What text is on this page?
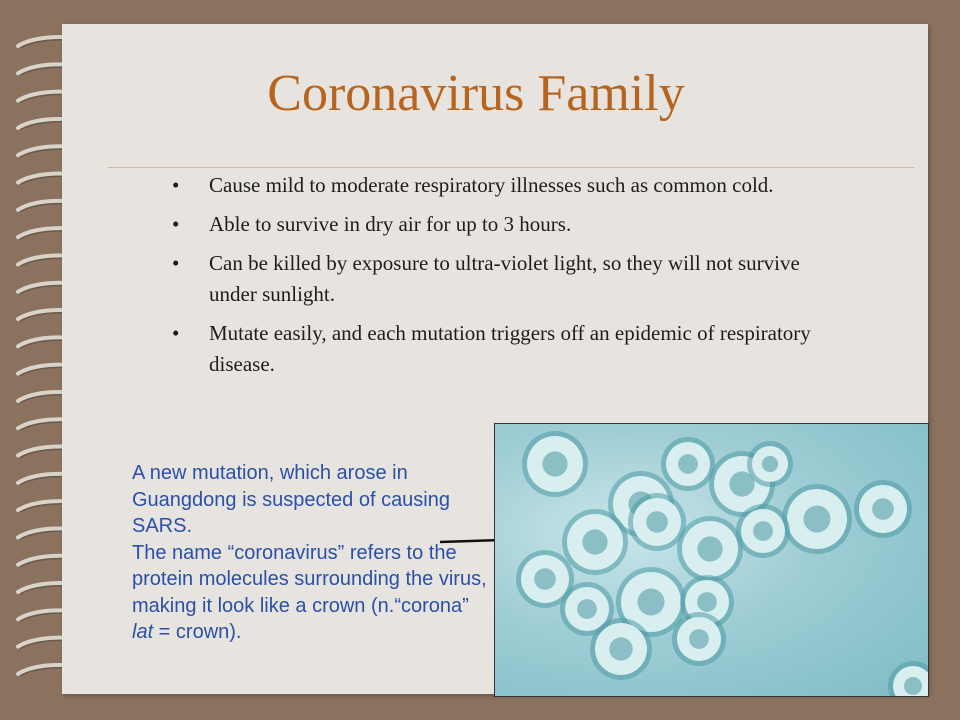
Coronavirus Family
• Cause mild to moderate respiratory illnesses such as common cold.
• Able to survive in dry air for up to 3 hours.
• Can be killed by exposure to ultra-violet light, so they will not survive under sunlight.
• Mutate easily, and each mutation triggers off an epidemic of respiratory disease.

A new mutation, which arose in Guangdong is suspected of causing SARS.

The name “coronavirus” refers to the protein molecules surrounding the virus, making it look like a crown (n.“corona” lat = crown).
